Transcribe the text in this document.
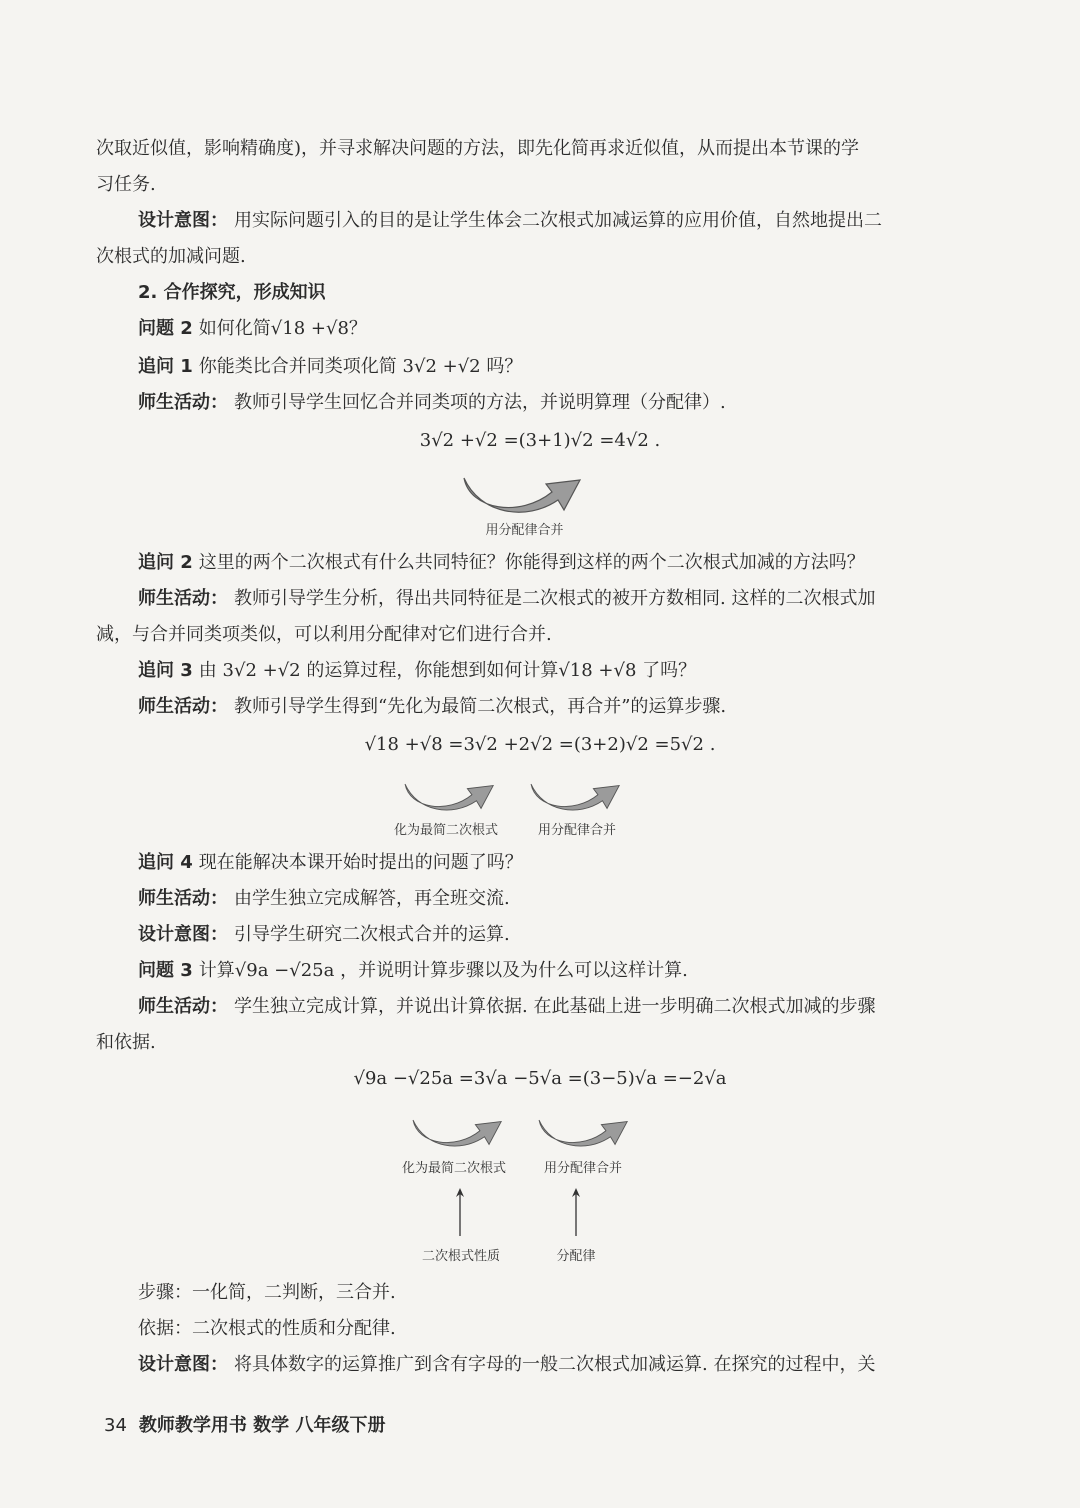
次取近似值，影响精确度)，并寻求解决问题的方法，即先化简再求近似值，从而提出本节课的学
习任务.
设计意图： 用实际问题引入的目的是让学生体会二次根式加减运算的应用价值，自然地提出二
次根式的加减问题.
2. 合作探究，形成知识
问题 2 如何化简√18 +√8？
追问 1 你能类比合并同类项化简 3√2 +√2 吗？
师生活动： 教师引导学生回忆合并同类项的方法，并说明算理（分配律）.
3√2 +√2 =(3+1)√2 =4√2 .
用分配律合并
追问 2 这里的两个二次根式有什么共同特征？你能得到这样的两个二次根式加减的方法吗？
师生活动： 教师引导学生分析，得出共同特征是二次根式的被开方数相同. 这样的二次根式加
减，与合并同类项类似，可以利用分配律对它们进行合并.
追问 3 由 3√2 +√2 的运算过程，你能想到如何计算√18 +√8 了吗？
师生活动： 教师引导学生得到“先化为最简二次根式，再合并”的运算步骤.
√18 +√8 =3√2 +2√2 =(3+2)√2 =5√2 .
化为最简二次根式	用分配律合并
追问 4 现在能解决本课开始时提出的问题了吗？
师生活动： 由学生独立完成解答，再全班交流.
设计意图： 引导学生研究二次根式合并的运算.
问题 3 计算√9a −√25a ，并说明计算步骤以及为什么可以这样计算.
师生活动： 学生独立完成计算，并说出计算依据. 在此基础上进一步明确二次根式加减的步骤
和依据.
√9a −√25a =3√a −5√a =(3−5)√a =−2√a
化为最简二次根式	用分配律合并
二次根式性质	分配律
步骤：一化简，二判断，三合并.
依据：二次根式的性质和分配律.
设计意图： 将具体数字的运算推广到含有字母的一般二次根式加减运算. 在探究的过程中，关
34 教师教学用书 数学 八年级下册
